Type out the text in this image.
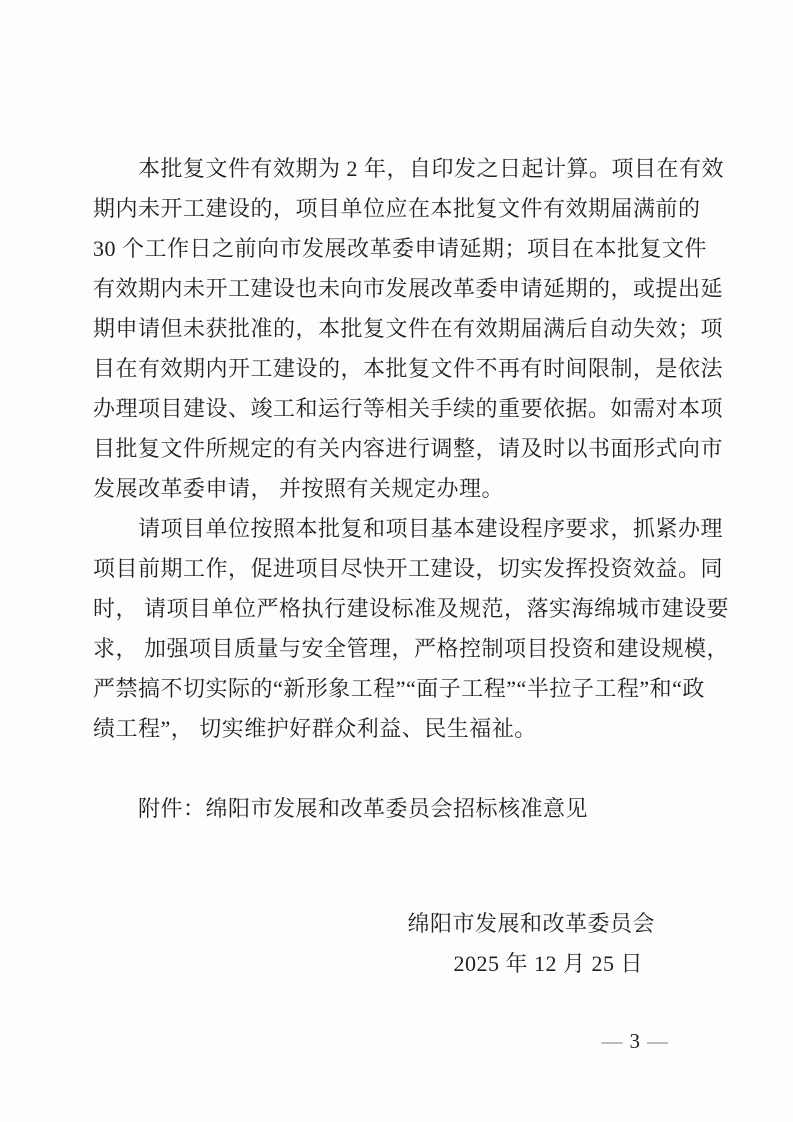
本批复文件有效期为 2 年，自印发之日起计算。项目在有效
期内未开工建设的，项目单位应在本批复文件有效期届满前的
30 个工作日之前向市发展改革委申请延期；项目在本批复文件
有效期内未开工建设也未向市发展改革委申请延期的，或提出延
期申请但未获批准的，本批复文件在有效期届满后自动失效；项
目在有效期内开工建设的，本批复文件不再有时间限制，是依法
办理项目建设、竣工和运行等相关手续的重要依据。如需对本项
目批复文件所规定的有关内容进行调整，请及时以书面形式向市
发展改革委申请， 并按照有关规定办理。
请项目单位按照本批复和项目基本建设程序要求，抓紧办理
项目前期工作，促进项目尽快开工建设，切实发挥投资效益。同
时， 请项目单位严格执行建设标准及规范，落实海绵城市建设要
求， 加强项目质量与安全管理，严格控制项目投资和建设规模，
严禁搞不切实际的“新形象工程”“面子工程”“半拉子工程”和“政
绩工程”， 切实维护好群众利益、民生福祉。
附件：绵阳市发展和改革委员会招标核准意见
绵阳市发展和改革委员会
2025 年 12 月 25 日
— 3 —
